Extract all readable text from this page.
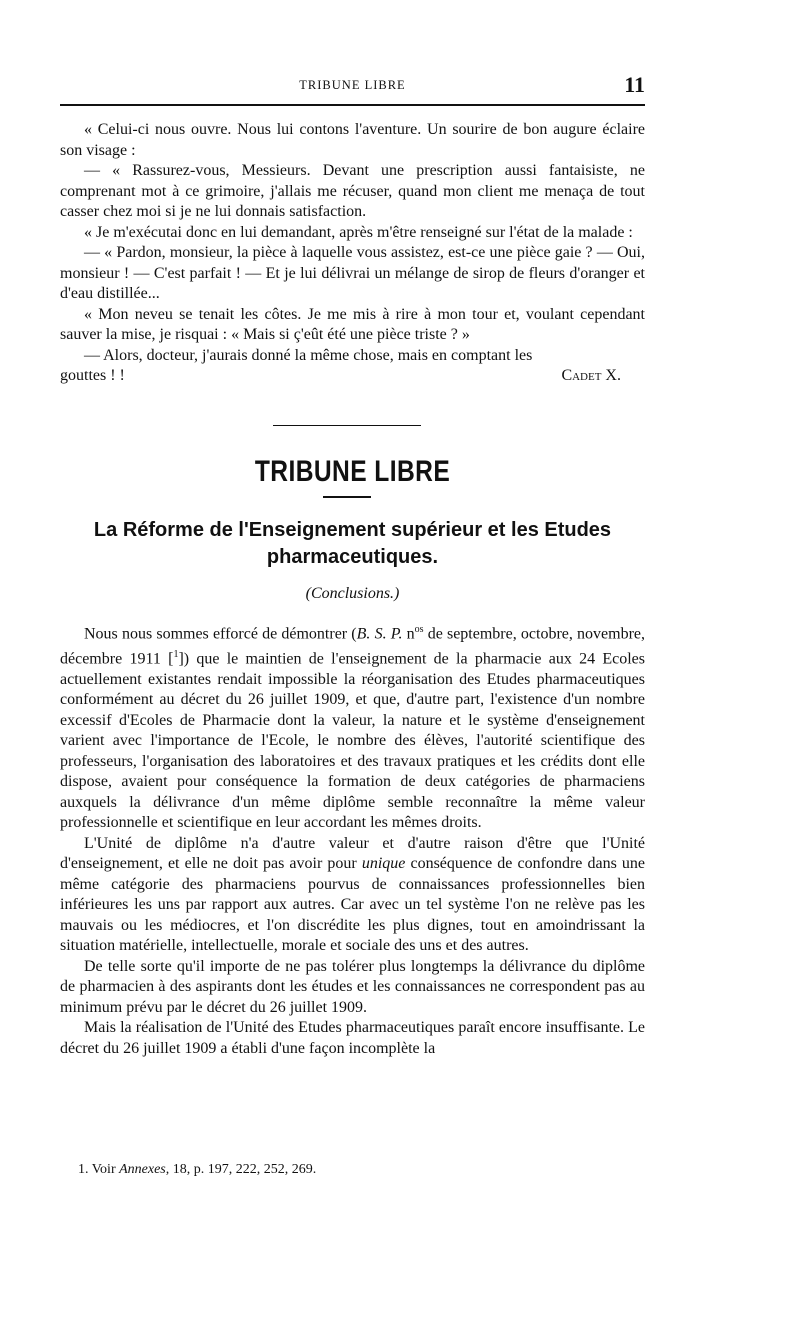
TRIBUNE LIBRE	11

« Celui-ci nous ouvre. Nous lui contons l'aventure. Un sourire de bon augure éclaire son visage :

— « Rassurez-vous, Messieurs. Devant une prescription aussi fantaisiste, ne comprenant mot à ce grimoire, j'allais me récuser, quand mon client me menaça de tout casser chez moi si je ne lui donnais satisfaction.

« Je m'exécutai donc en lui demandant, après m'être renseigné sur l'état de la malade :

— « Pardon, monsieur, la pièce à laquelle vous assistez, est-ce une pièce gaie ? — Oui, monsieur ! — C'est parfait ! — Et je lui délivrai un mélange de sirop de fleurs d'oranger et d'eau distillée...

« Mon neveu se tenait les côtes. Je me mis à rire à mon tour et, voulant cependant sauver la mise, je risquai : « Mais si ç'eût été une pièce triste ? »

— Alors, docteur, j'aurais donné la même chose, mais en comptant les

gouttes ! !	Cadet X.
TRIBUNE LIBRE
La Réforme de l'Enseignement supérieur et les Etudes pharmaceutiques.
(Conclusions.)

Nous nous sommes efforcé de démontrer (B. S. P. $n^{os}$ de septembre, octobre, novembre, décembre 1911 [$^1$]) que le maintien de l'enseignement de la pharmacie aux 24 Ecoles actuellement existantes rendait impossible la réorganisation des Etudes pharmaceutiques conformément au décret du 26 juillet 1909, et que, d'autre part, l'existence d'un nombre excessif d'Ecoles de Pharmacie dont la valeur, la nature et le système d'enseignement varient avec l'importance de l'Ecole, le nombre des élèves, l'autorité scientifique des professeurs, l'organisation des laboratoires et des travaux pratiques et les crédits dont elle dispose, avaient pour conséquence la formation de deux catégories de pharmaciens auxquels la délivrance d'un même diplôme semble reconnaître la même valeur professionnelle et scientifique en leur accordant les mêmes droits.

L'Unité de diplôme n'a d'autre valeur et d'autre raison d'être que l'Unité d'enseignement, et elle ne doit pas avoir pour unique conséquence de confondre dans une même catégorie des pharmaciens pourvus de connaissances professionnelles bien inférieures les uns par rapport aux autres. Car avec un tel système l'on ne relève pas les mauvais ou les médiocres, et l'on discrédite les plus dignes, tout en amoindrissant la situation matérielle, intellectuelle, morale et sociale des uns et des autres.

De telle sorte qu'il importe de ne pas tolérer plus longtemps la délivrance du diplôme de pharmacien à des aspirants dont les études et les connaissances ne correspondent pas au minimum prévu par le décret du 26 juillet 1909.

Mais la réalisation de l'Unité des Etudes pharmaceutiques paraît encore insuffisante. Le décret du 26 juillet 1909 a établi d'une façon incomplète la

1. Voir Annexes, 18, p. 197, 222, 252, 269.
